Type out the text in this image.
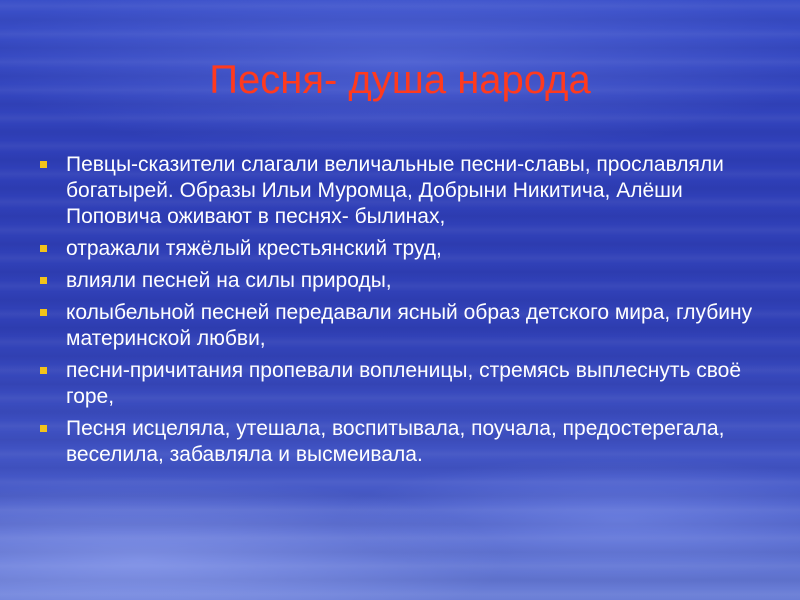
Песня- душа народа
Певцы-сказители слагали величальные песни-славы, прославляли богатырей. Образы Ильи Муромца, Добрыни Никитича, Алёши Поповича оживают в песнях- былинах,
отражали тяжёлый крестьянский труд,
влияли песней на силы природы,
колыбельной песней передавали ясный образ детского мира, глубину материнской любви,
песни-причитания пропевали вопленицы, стремясь выплеснуть своё горе,
Песня исцеляла, утешала, воспитывала, поучала, предостерегала, веселила, забавляла и высмеивала.
